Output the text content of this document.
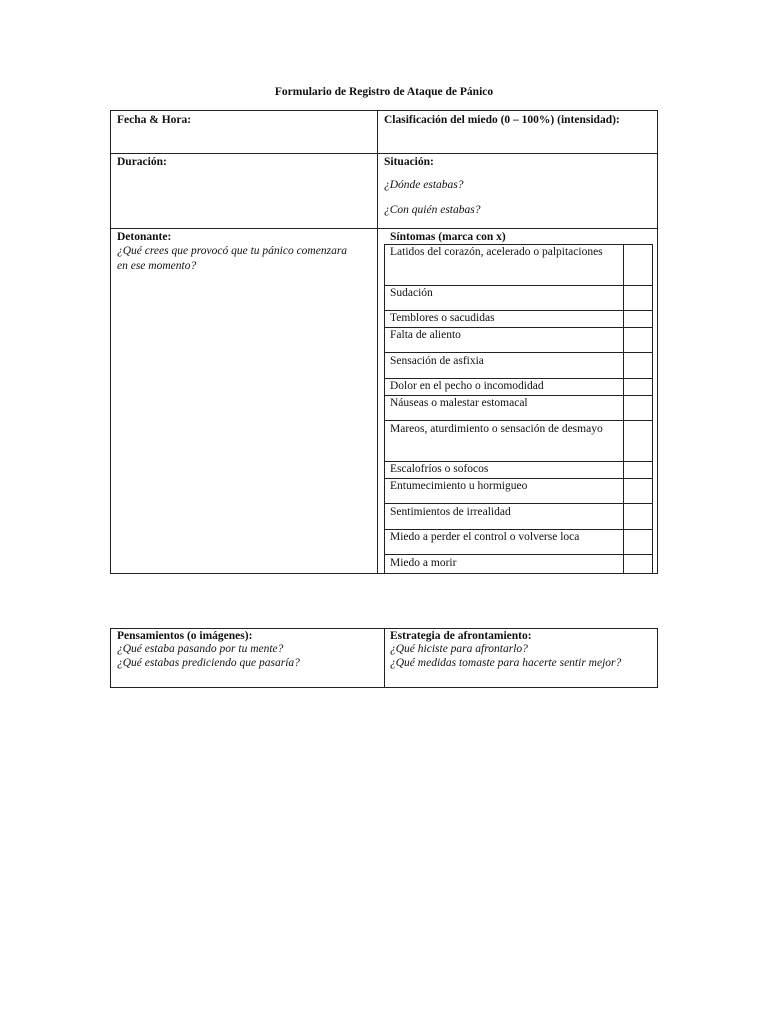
Formulario de Registro de Ataque de Pánico
Fecha & Hora:	Clasificación del miedo (0 – 100%) (intensidad):
Duración:	Situación:
¿Dónde estabas?
¿Con quién estabas?
Detonante:
¿Qué crees que provocó que tu pánico comenzara en ese momento?
Síntomas (marca con x)
Latidos del corazón, acelerado o palpitaciones
Sudación
Temblores o sacudidas
Falta de aliento
Sensación de asfixia
Dolor en el pecho o incomodidad
Náuseas o malestar estomacal
Mareos, aturdimiento o sensación de desmayo
Escalofríos o sofocos
Entumecimiento u hormigueo
Sentimientos de irrealidad
Miedo a perder el control o volverse loca
Miedo a morir
Pensamientos (o imágenes):
¿Qué estaba pasando por tu mente?
¿Qué estabas prediciendo que pasaría?
Estrategia de afrontamiento:
¿Qué hiciste para afrontarlo?
¿Qué medidas tomaste para hacerte sentir mejor?
